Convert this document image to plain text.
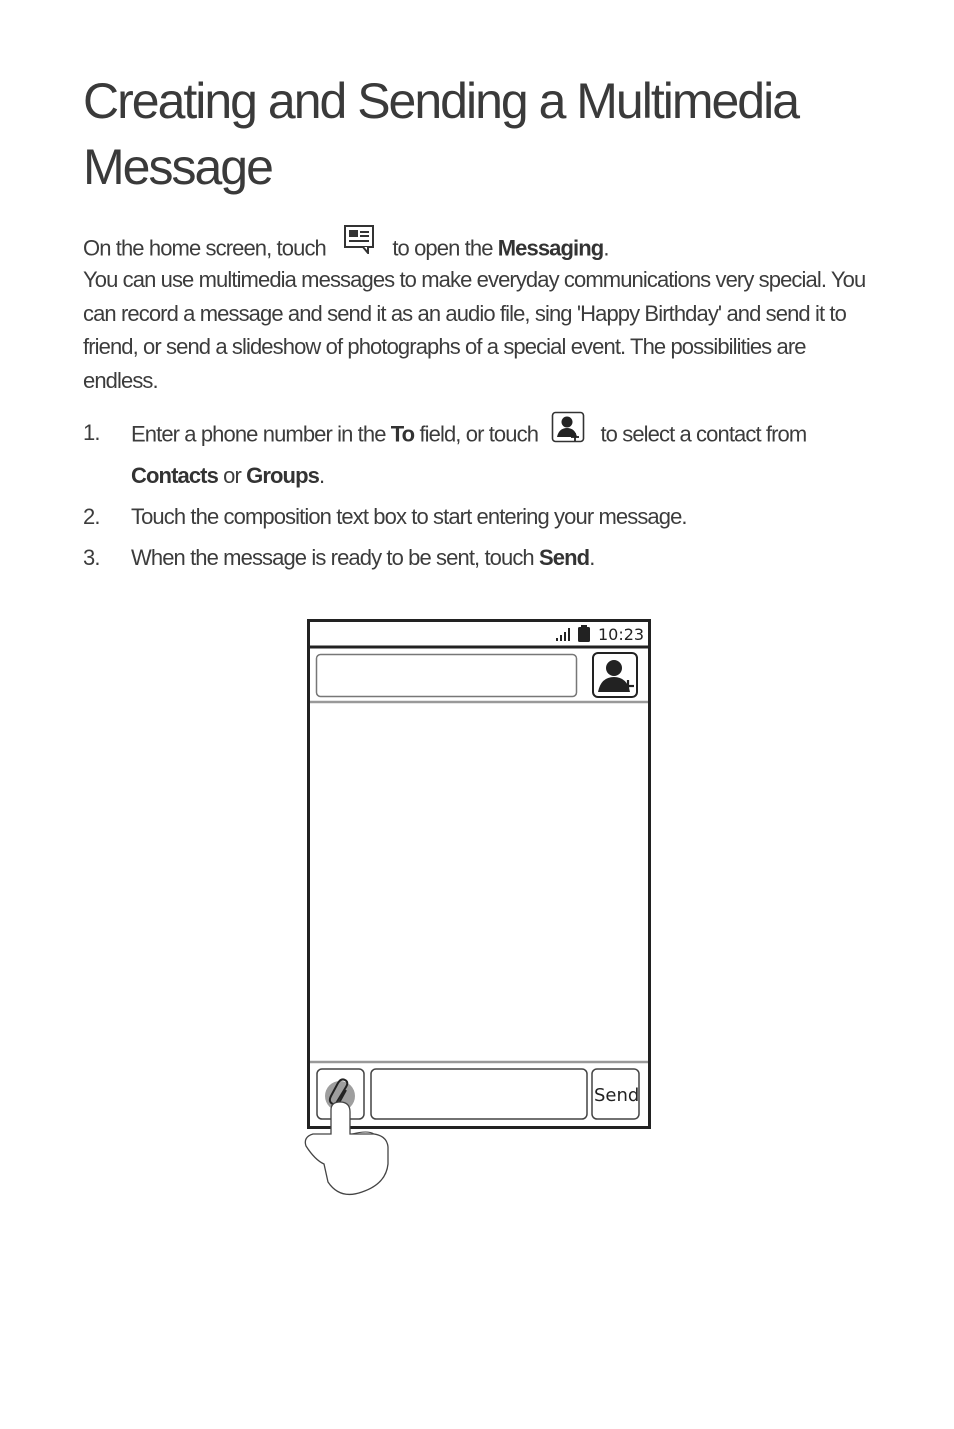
Creating and Sending a Multimedia Message
On the home screen, touch	to open the Messaging.
You can use multimedia messages to make everyday communications very special. You can record a message and send it as an audio file, sing 'Happy Birthday' and send it to friend, or send a slideshow of photographs of a special event. The possibilities are endless.
1. Enter a phone number in the To field, or touch	to select a contact from
Contacts or Groups.
2. Touch the composition text box to start entering your message.
3. When the message is ready to be sent, touch Send.
10:23
Send
